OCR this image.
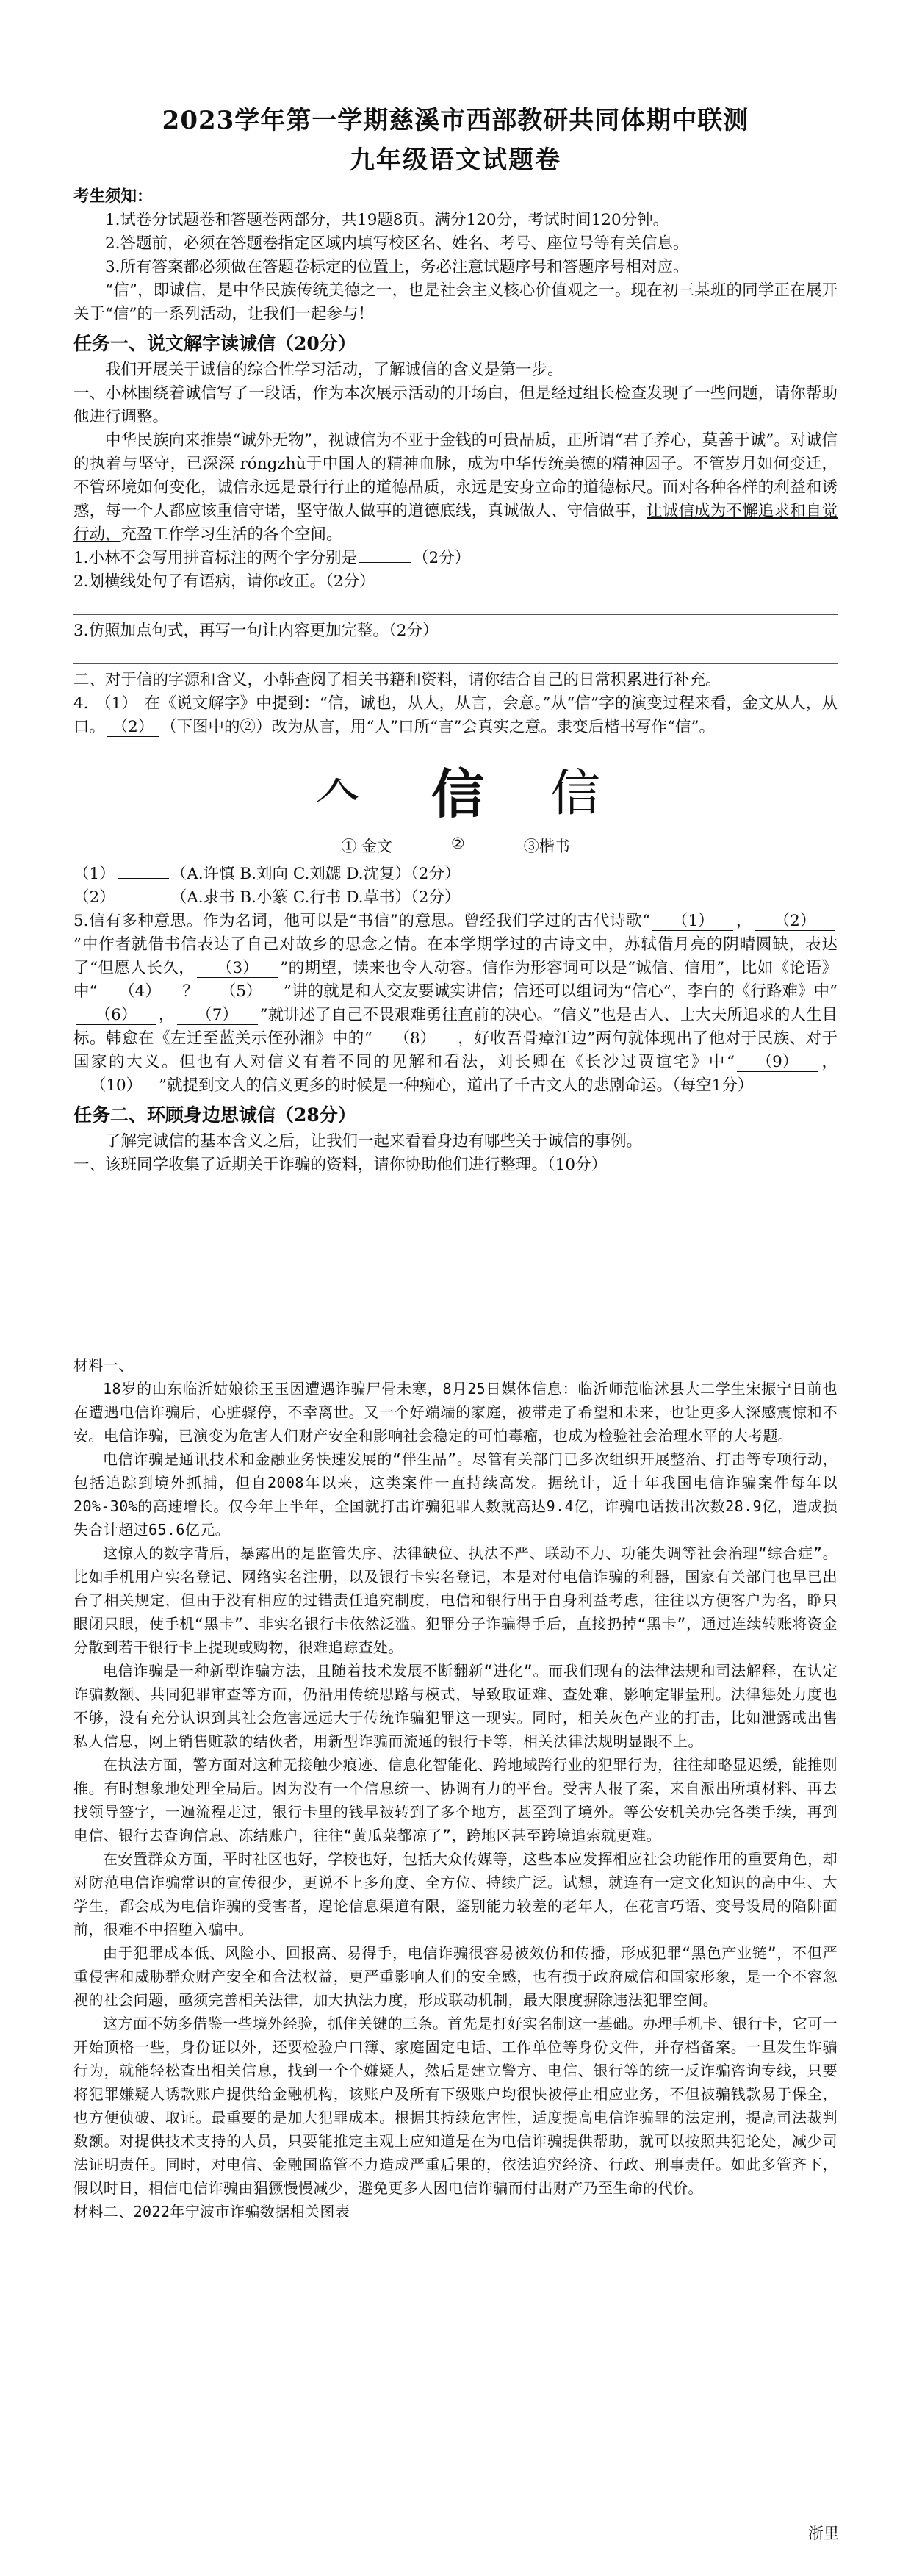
2023学年第一学期慈溪市西部教研共同体期中联测
九年级语文试题卷

考生须知：

1.试卷分试题卷和答题卷两部分，共19题8页。满分120分，考试时间120分钟。

2.答题前，必须在答题卷指定区域内填写校区名、姓名、考号、座位号等有关信息。

3.所有答案都必须做在答题卷标定的位置上，务必注意试题序号和答题序号相对应。

“信”，即诚信，是中华民族传统美德之一，也是社会主义核心价值观之一。现在初三某班的同学正在展开关于“信”的一系列活动，让我们一起参与！

任务一、说文解字读诚信（20分）

我们开展关于诚信的综合性学习活动，了解诚信的含义是第一步。

一、小林围绕着诚信写了一段话，作为本次展示活动的开场白，但是经过组长检查发现了一些问题，请你帮助他进行调整。

中华民族向来推崇“诚外无物”，视诚信为不亚于金钱的可贵品质，正所谓“君子养心，莫善于诚”。对诚信的执着与坚守，已深深 róngzhù于中国人的精神血脉，成为中华传统美德的精神因子。不管岁月如何变迁，不管环境如何变化，诚信永远是景行行止的道德品质，永远是安身立命的道德标尺。面对各种各样的利益和诱惑，每一个人都应该重信守诺，坚守做人做事的道德底线，真诚做人、守信做事，让诚信成为不懈追求和自觉行动，充盈工作学习生活的各个空间。

1.小林不会写用拼音标注的两个字分别是	（2分）

2.划横线处句子有语病，请你改正。（2分）

3.仿照加点句式，再写一句让内容更加完整。（2分）

二、对于信的字源和含义，小韩查阅了相关书籍和资料，请你结合自己的日常积累进行补充。

4. （1） 在《说文解字》中提到：“信，诚也，从人，从言，会意。”从“信”字的演变过程来看，金文从人，从口。 （2） （下图中的②）改为从言，用“人”口所“言”会真实之意。隶变后楷书写作“信”。

𠆢 信 信
① 金文	②	③楷书

（1）	（A.许慎 B.刘向 C.刘勰 D.沈复）（2分）

（2）	（A.隶书 B.小篆 C.行书 D.草书）（2分）

5.信有多种意思。作为名词，他可以是“书信”的意思。曾经我们学过的古代诗歌“ （1） ， （2）”中作者就借书信表达了自己对故乡的思念之情。在本学期学过的古诗文中，苏轼借月亮的阴晴圆缺，表达了“但愿人长久， （3） ”的期望，读来也令人动容。信作为形容词可以是“诚信、信用”，比如《论语》中“ （4） ？ （5） ”讲的就是和人交友要诚实讲信；信还可以组词为“信心”，李白的《行路难》中“（6） ， （7） ”就讲述了自己不畏艰难勇往直前的决心。“信义”也是古人、士大夫所追求的人生目标。韩愈在《左迁至蓝关示侄孙湘》中的“ （8） ，好收吾骨瘴江边”两句就体现出了他对于民族、对于国家的大义。但也有人对信义有着不同的见解和看法，刘长卿在《长沙过贾谊宅》中“ （9） ，（10） ”就提到文人的信义更多的时候是一种痴心，道出了千古文人的悲剧命运。（每空1分）

任务二、环顾身边思诚信（28分）

了解完诚信的基本含义之后，让我们一起来看看身边有哪些关于诚信的事例。

一、该班同学收集了近期关于诈骗的资料，请你协助他们进行整理。（10分）

材料一、

18岁的山东临沂姑娘徐玉玉因遭遇诈骗尸骨未寒，8月25日媒体信息：临沂师范临沭县大二学生宋振宁日前也在遭遇电信诈骗后，心脏骤停，不幸离世。又一个好端端的家庭，被带走了希望和未来，也让更多人深感震惊和不安。电信诈骗，已演变为危害人们财产安全和影响社会稳定的可怕毒瘤，也成为检验社会治理水平的大考题。

电信诈骗是通讯技术和金融业务快速发展的“伴生品”。尽管有关部门已多次组织开展整治、打击等专项行动，包括追踪到境外抓捕，但自2008年以来，这类案件一直持续高发。据统计，近十年我国电信诈骗案件每年以20%-30%的高速增长。仅今年上半年，全国就打击诈骗犯罪人数就高达9.4亿，诈骗电话拨出次数28.9亿，造成损失合计超过65.6亿元。

这惊人的数字背后，暴露出的是监管失序、法律缺位、执法不严、联动不力、功能失调等社会治理“综合症”。比如手机用户实名登记、网络实名注册，以及银行卡实名登记，本是对付电信诈骗的利器，国家有关部门也早已出台了相关规定，但由于没有相应的过错责任追究制度，电信和银行出于自身利益考虑，往往以方便客户为名，睁只眼闭只眼，使手机“黑卡”、非实名银行卡依然泛滥。犯罪分子诈骗得手后，直接扔掉“黑卡”，通过连续转账将资金分散到若干银行卡上提现或购物，很难追踪查处。

电信诈骗是一种新型诈骗方法，且随着技术发展不断翻新“进化”。而我们现有的法律法规和司法解释，在认定诈骗数额、共同犯罪审查等方面，仍沿用传统思路与模式，导致取证难、查处难，影响定罪量刑。法律惩处力度也不够，没有充分认识到其社会危害远远大于传统诈骗犯罪这一现实。同时，相关灰色产业的打击，比如泄露或出售私人信息，网上销售赃款的结伙者，用新型诈骗而流通的银行卡等，相关法律法规明显跟不上。

在执法方面，警方面对这种无接触少痕迹、信息化智能化、跨地域跨行业的犯罪行为，往往却略显迟缓，能推则推。有时想象地处理全局后。因为没有一个信息统一、协调有力的平台。受害人报了案，来自派出所填材料、再去找领导签字，一遍流程走过，银行卡里的钱早被转到了多个地方，甚至到了境外。等公安机关办完各类手续，再到电信、银行去查询信息、冻结账户，往往“黄瓜菜都凉了”，跨地区甚至跨境追索就更难。

在安置群众方面，平时社区也好，学校也好，包括大众传媒等，这些本应发挥相应社会功能作用的重要角色，却对防范电信诈骗常识的宣传很少，更说不上多角度、全方位、持续广泛。试想，就连有一定文化知识的高中生、大学生，都会成为电信诈骗的受害者，遑论信息渠道有限，鉴别能力较差的老年人，在花言巧语、变号设局的陷阱面前，很难不中招堕入骗中。

由于犯罪成本低、风险小、回报高、易得手，电信诈骗很容易被效仿和传播，形成犯罪“黑色产业链”，不但严重侵害和威胁群众财产安全和合法权益，更严重影响人们的安全感，也有损于政府威信和国家形象，是一个不容忽视的社会问题，亟须完善相关法律，加大执法力度，形成联动机制，最大限度摒除违法犯罪空间。

这方面不妨多借鉴一些境外经验，抓住关键的三条。首先是打好实名制这一基础。办理手机卡、银行卡，它可一开始顶格一些，身份证以外，还要检验户口簿、家庭固定电话、工作单位等身份文件，并存档备案。一旦发生诈骗行为，就能轻松查出相关信息，找到一个个嫌疑人，然后是建立警方、电信、银行等的统一反诈骗咨询专线，只要将犯罪嫌疑人诱款账户提供给金融机构，该账户及所有下级账户均很快被停止相应业务，不但被骗钱款易于保全，也方便侦破、取证。最重要的是加大犯罪成本。根据其持续危害性，适度提高电信诈骗罪的法定刑，提高司法裁判数额。对提供技术支持的人员，只要能推定主观上应知道是在为电信诈骗提供帮助，就可以按照共犯论处，减少司法证明责任。同时，对电信、金融国监管不力造成严重后果的，依法追究经济、行政、刑事责任。如此多管齐下，假以时日，相信电信诈骗由猖獗慢慢减少，避免更多人因电信诈骗而付出财产乃至生命的代价。

材料二、2022年宁波市诈骗数据相关图表

浙里
